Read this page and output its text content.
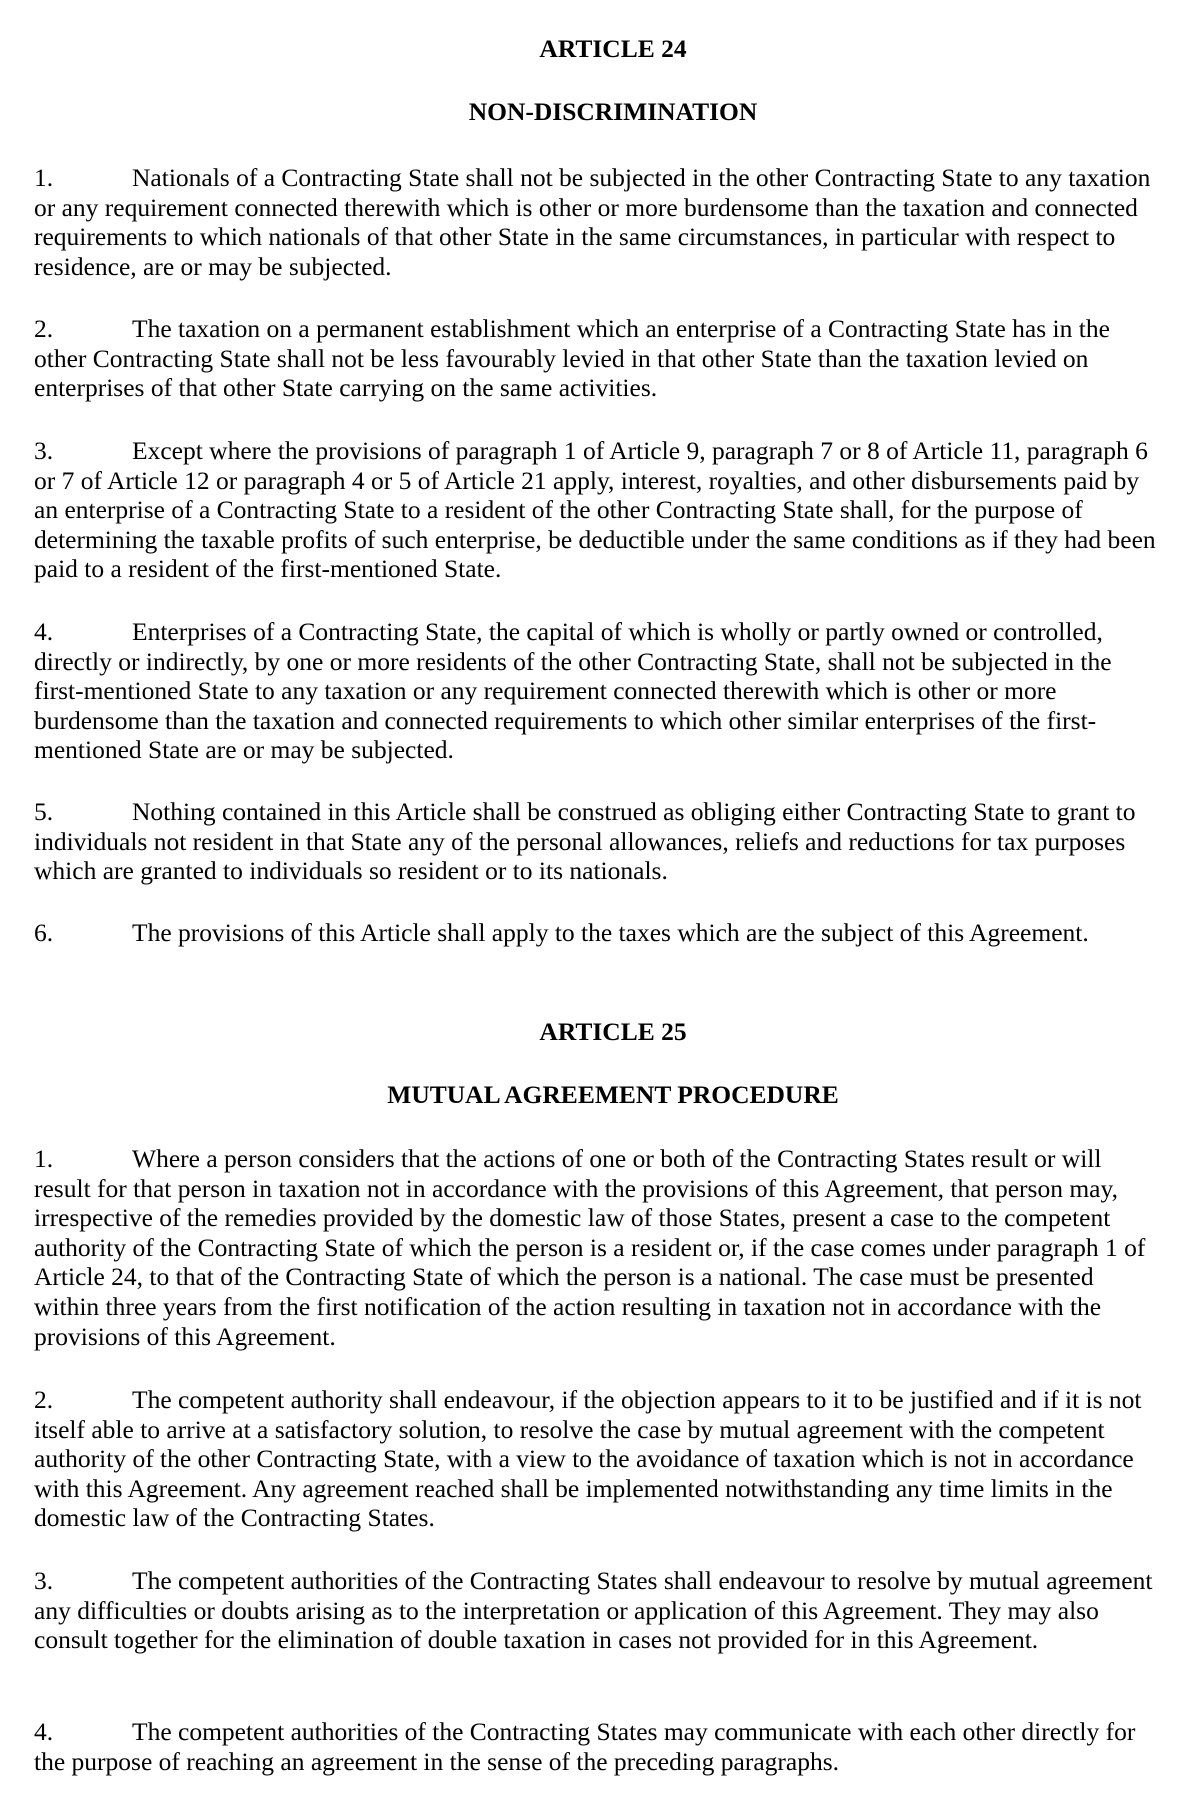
ARTICLE 24
NON-DISCRIMINATION
1.	Nationals of a Contracting State shall not be subjected in the other Contracting State to any taxation or any requirement connected therewith which is other or more burdensome than the taxation and connected requirements to which nationals of that other State in the same circumstances, in particular with respect to residence, are or may be subjected.
2.	The taxation on a permanent establishment which an enterprise of a Contracting State has in the other Contracting State shall not be less favourably levied in that other State than the taxation levied on enterprises of that other State carrying on the same activities.
3.	Except where the provisions of paragraph 1 of Article 9, paragraph 7 or 8 of Article 11, paragraph 6 or 7 of Article 12 or paragraph 4 or 5 of Article 21 apply, interest, royalties, and other disbursements paid by an enterprise of a Contracting State to a resident of the other Contracting State shall, for the purpose of determining the taxable profits of such enterprise, be deductible under the same conditions as if they had been paid to a resident of the first-mentioned State.
4.	Enterprises of a Contracting State, the capital of which is wholly or partly owned or controlled, directly or indirectly, by one or more residents of the other Contracting State, shall not be subjected in the first-mentioned State to any taxation or any requirement connected therewith which is other or more burdensome than the taxation and connected requirements to which other similar enterprises of the first-mentioned State are or may be subjected.
5.	Nothing contained in this Article shall be construed as obliging either Contracting State to grant to individuals not resident in that State any of the personal allowances, reliefs and reductions for tax purposes which are granted to individuals so resident or to its nationals.
6.	The provisions of this Article shall apply to the taxes which are the subject of this Agreement.
ARTICLE 25
MUTUAL AGREEMENT PROCEDURE
1.	Where a person considers that the actions of one or both of the Contracting States result or will result for that person in taxation not in accordance with the provisions of this Agreement, that person may, irrespective of the remedies provided by the domestic law of those States, present a case to the competent authority of the Contracting State of which the person is a resident or, if the case comes under paragraph 1 of Article 24, to that of the Contracting State of which the person is a national. The case must be presented within three years from the first notification of the action resulting in taxation not in accordance with the provisions of this Agreement.
2.	The competent authority shall endeavour, if the objection appears to it to be justified and if it is not itself able to arrive at a satisfactory solution, to resolve the case by mutual agreement with the competent authority of the other Contracting State, with a view to the avoidance of taxation which is not in accordance with this Agreement. Any agreement reached shall be implemented notwithstanding any time limits in the domestic law of the Contracting States.
3.	The competent authorities of the Contracting States shall endeavour to resolve by mutual agreement any difficulties or doubts arising as to the interpretation or application of this Agreement. They may also consult together for the elimination of double taxation in cases not provided for in this Agreement.
4.	The competent authorities of the Contracting States may communicate with each other directly for the purpose of reaching an agreement in the sense of the preceding paragraphs.
